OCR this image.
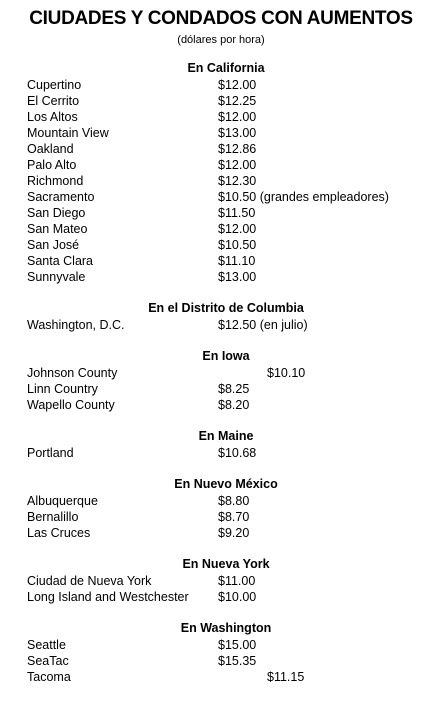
CIUDADES Y CONDADOS CON AUMENTOS
(dólares por hora)
En California
Cupertino	$12.00
El Cerrito	$12.25
Los Altos	$12.00
Mountain View	$13.00
Oakland	$12.86
Palo Alto	$12.00
Richmond	$12.30
Sacramento	$10.50 (grandes empleadores)
San Diego	$11.50
San Mateo	$12.00
San José	$10.50
Santa Clara	$11.10
Sunnyvale	$13.00
En el Distrito de Columbia
Washington, D.C.	$12.50 (en julio)
En Iowa
Johnson County	$10.10
Linn Country	$8.25
Wapello County	$8.20
En Maine
Portland	$10.68
En Nuevo México
Albuquerque	$8.80
Bernalillo	$8.70
Las Cruces	$9.20
En Nueva York
Ciudad de Nueva York	$11.00
Long Island and Westchester $10.00
En Washington
Seattle	$15.00
SeaTac	$15.35
Tacoma	$11.15
